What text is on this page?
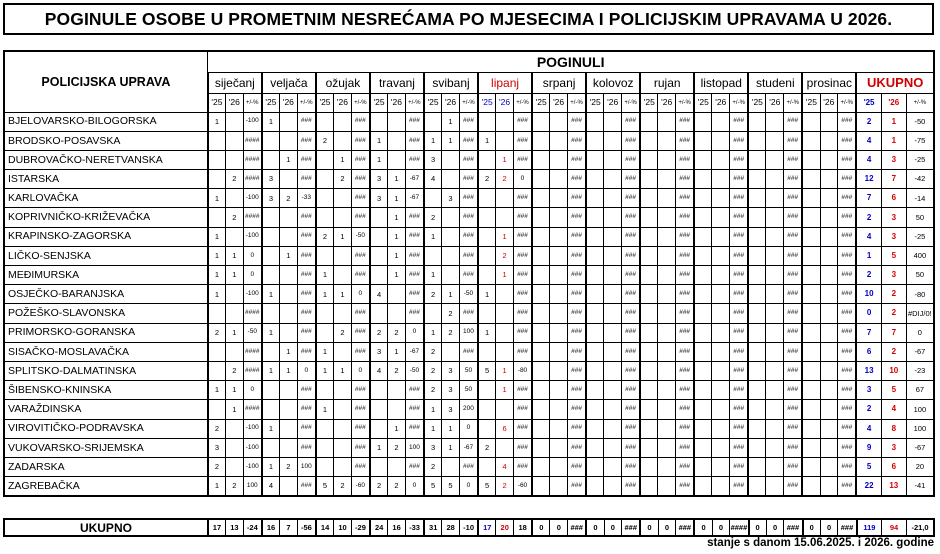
POGINULE OSOBE U PROMETNIM NESREĆAMA PO MJESECIMA I POLICIJSKIM UPRAVAMA U 2026.
POLICIJSKA UPRAVA	POGINULI																																						
	siječanj			veljača			ožujak			travanj			svibanj			lipanj			srpanj			kolovoz			rujan			listopad			studeni			prosinac			UKUPNO		
	'25	'26	+/-%	'25	'26	+/-%	'25	'26	+/-%	'25	'26	+/-%	'25	'26	+/-%	'25	'26	+/-%	'25	'26	+/-%	'25	'26	+/-%	'25	'26	+/-%	'25	'26	+/-%	'25	'26	+/-%	'25	'26	+/-%	'25	'26	+/-%
BJELOVARSKO-BILOGORSKA	1		-100	1		###			###			###		1	###			###			###			###			###			###			###			###	2	1	-50
BRODSKO-POSAVSKA			####			###	2		###	1		###	1	1	###	1		###			###			###			###			###			###			###	4	1	-75
DUBROVAČKO-NERETVANSKA			####		1	###		1	###	1		###	3		###		1	###			###			###			###			###			###			###	4	3	-25
ISTARSKA		2	####	3		###		2	###	3	1	-67	4		###	2	2	0			###			###			###			###			###			###	12	7	-42
KARLOVAČKA	1		-100	3	2	-33			###	3	1	-67		3	###			###			###			###			###			###			###			###	7	6	-14
KOPRIVNIČKO-KRIŽEVAČKA		2	####			###			###		1	###	2		###			###			###			###			###			###			###			###	2	3	50
KRAPINSKO-ZAGORSKA	1		-100			###	2	1	-50		1	###	1		###		1	###			###			###			###			###			###			###	4	3	-25
LIČKO-SENJSKA	1	1	0		1	###			###		1	###			###		2	###			###			###			###			###			###			###	1	5	400
MEĐIMURSKA	1	1	0			###	1		###		1	###	1		###		1	###			###			###			###			###			###			###	2	3	50
OSJEČKO-BARANJSKA	1		-100	1		###	1	1	0	4		###	2	1	-50	1		###			###			###			###			###			###			###	10	2	-80
POŽEŠKO-SLAVONSKA			####			###			###			###		2	###			###			###			###			###			###			###			###	0	2	#DIJ/0!
PRIMORSKO-GORANSKA	2	1	-50	1		###		2	###	2	2	0	1	2	100	1		###			###			###			###			###			###			###	7	7	0
SISAČKO-MOSLAVAČKA			####		1	###	1		###	3	1	-67	2		###			###			###			###			###			###			###			###	6	2	-67
SPLITSKO-DALMATINSKA		2	####	1	1	0	1	1	0	4	2	-50	2	3	50	5	1	-80			###			###			###			###			###			###	13	10	-23
ŠIBENSKO-KNINSKA	1	1	0			###			###			###	2	3	50		1	###			###			###			###			###			###			###	3	5	67
VARAŽDINSKA		1	####			###	1		###			###	1	3	200			###			###			###			###			###			###			###	2	4	100
VIROVITIČKO-PODRAVSKA	2		-100	1		###			###		1	###	1	1	0		6	###			###			###			###			###			###			###	4	8	100
VUKOVARSKO-SRIJEMSKA	3		-100			###			###	1	2	100	3	1	-67	2		###			###			###			###			###			###			###	9	3	-67
ZADARSKA	2		-100	1	2	100			###			###	2		###		4	###			###			###			###			###			###			###	5	6	20
ZAGREBAČKA	1	2	100	4		###	5	2	-60	2	2	0	5	5	0	5	2	-60			###			###			###			###			###			###	22	13	-41
UKUPNO	17	13	-24	16	7	-56	14	10	-29	24	16	-33	31	28	-10	17	20	18	0	0	###	0	0	###	0	0	###	0	0	####	0	0	###	0	0	###	119	94	-21,0
stanje s danom 15.06.2025. i 2026. godine
